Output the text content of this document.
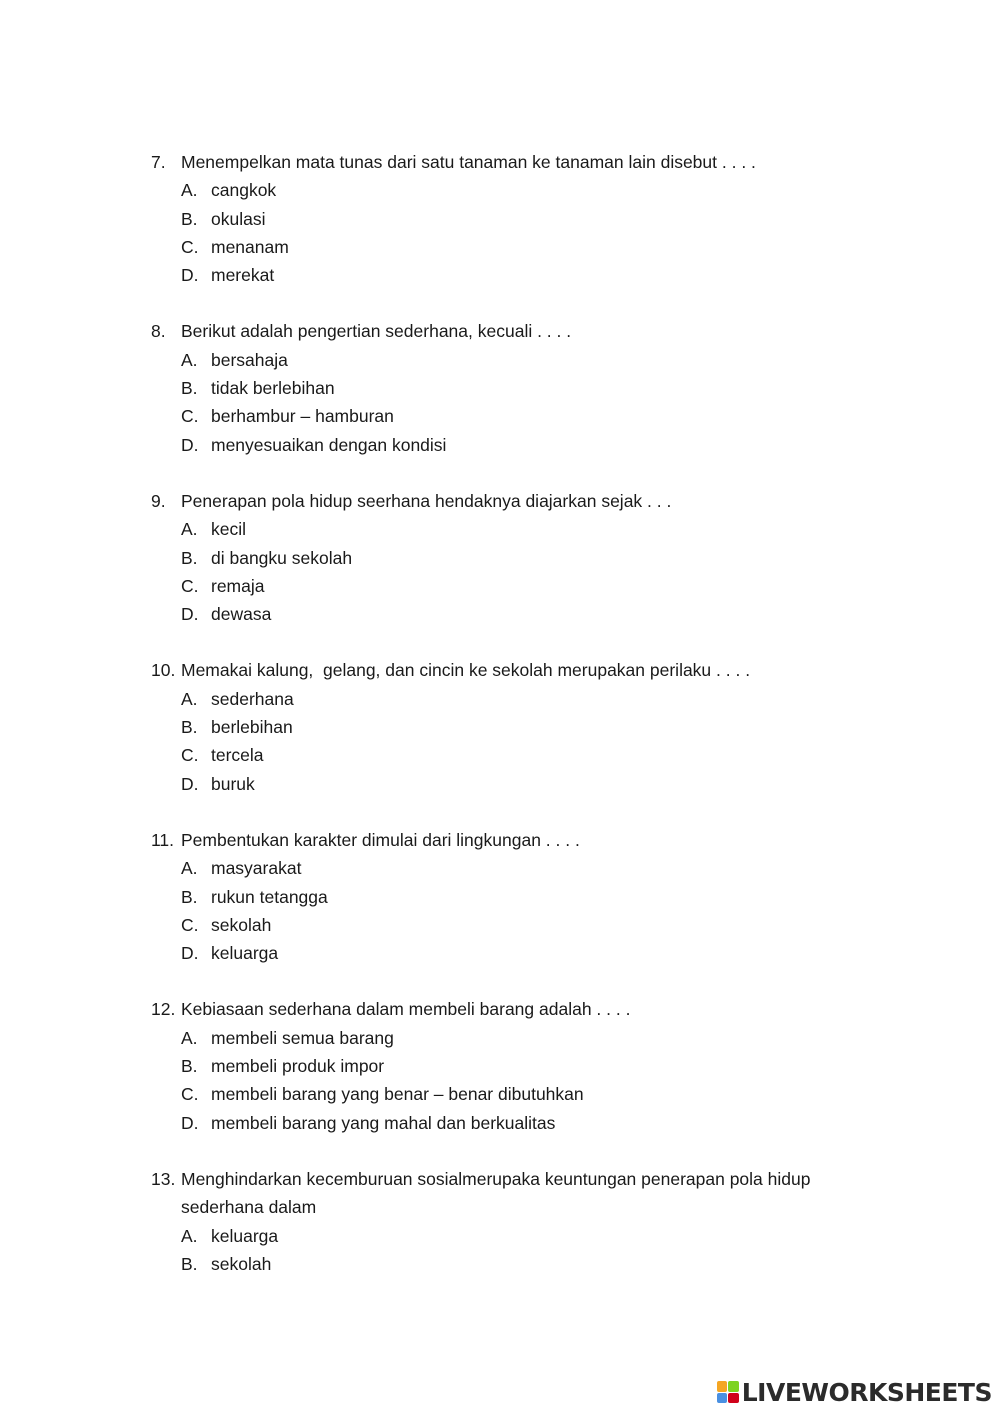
7. Menempelkan mata tunas dari satu tanaman ke tanaman lain disebut . . . .
A. cangkok
B. okulasi
C. menanam
D. merekat
8. Berikut adalah pengertian sederhana, kecuali . . . .
A. bersahaja
B. tidak berlebihan
C. berhambur – hamburan
D. menyesuaikan dengan kondisi
9. Penerapan pola hidup seerhana hendaknya diajarkan sejak . . .
A. kecil
B. di bangku sekolah
C. remaja
D. dewasa
10. Memakai kalung,  gelang, dan cincin ke sekolah merupakan perilaku . . . .
A. sederhana
B. berlebihan
C. tercela
D. buruk
11. Pembentukan karakter dimulai dari lingkungan . . . .
A. masyarakat
B. rukun tetangga
C. sekolah
D. keluarga
12. Kebiasaan sederhana dalam membeli barang adalah . . . .
A. membeli semua barang
B. membeli produk impor
C. membeli barang yang benar – benar dibutuhkan
D. membeli barang yang mahal dan berkualitas
13. Menghindarkan kecemburuan sosialmerupaka keuntungan penerapan pola hidup sederhana dalam
A. keluarga
B. sekolah
LIVEWORKSHEETS
